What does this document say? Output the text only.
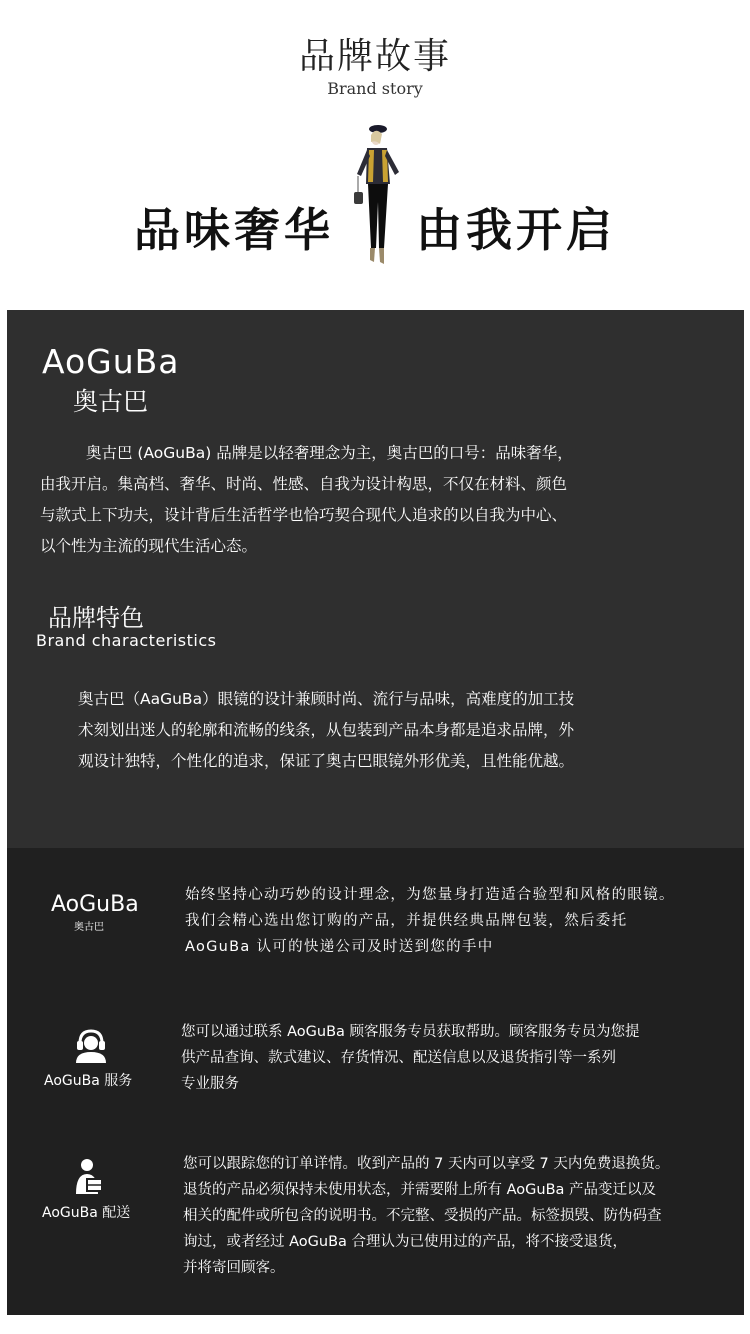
品牌故事
Brand story
品味奢华 由我开启
AoGuBa
奥古巴
奥古巴 (AoGuBa) 品牌是以轻奢理念为主，奥古巴的口号：品味奢华，
由我开启。集高档、奢华、时尚、性感、自我为设计构思，不仅在材料、颜色
与款式上下功夫，设计背后生活哲学也恰巧契合现代人追求的以自我为中心、
以个性为主流的现代生活心态。
品牌特色
Brand characteristics
奥古巴（AaGuBa）眼镜的设计兼顾时尚、流行与品味，高难度的加工技
术刻划出迷人的轮廓和流畅的线条，从包装到产品本身都是追求品牌，外
观设计独特，个性化的追求，保证了奥古巴眼镜外形优美，且性能优越。
AoGuBa
奥古巴
始终坚持心动巧妙的设计理念，为您量身打造适合验型和风格的眼镜。
我们会精心选出您订购的产品，并提供经典品牌包装，然后委托
AoGuBa 认可的快递公司及时送到您的手中
AoGuBa 服务
您可以通过联系 AoGuBa 顾客服务专员获取帮助。顾客服务专员为您提
供产品查询、款式建议、存货情况、配送信息以及退货指引等一系列
专业服务
AoGuBa 配送
您可以跟踪您的订单详情。收到产品的 7 天内可以享受 7 天内免费退换货。
退货的产品必须保持未使用状态，并需要附上所有 AoGuBa 产品变迁以及
相关的配件或所包含的说明书。不完整、受损的产品。标签损毁、防伪码查
询过，或者经过 AoGuBa 合理认为已使用过的产品，将不接受退货，
并将寄回顾客。
